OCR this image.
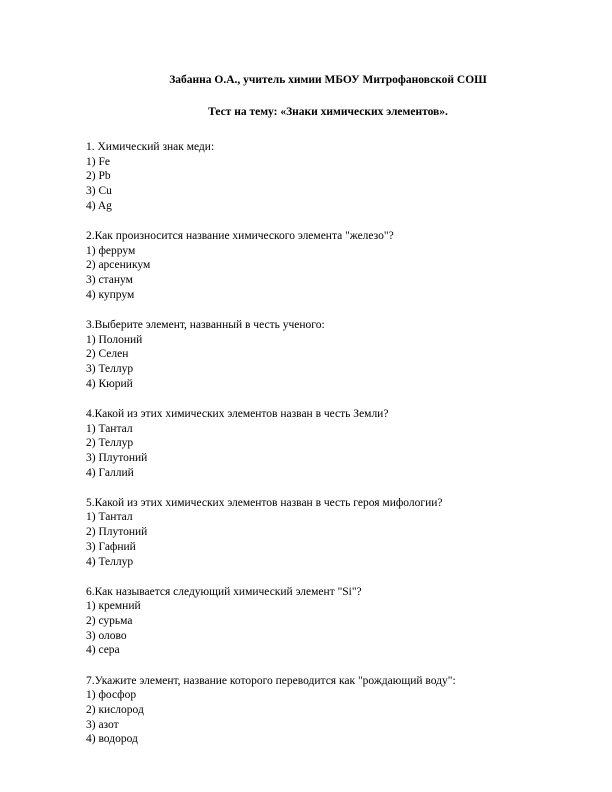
Забанна О.А., учитель химии МБОУ Митрофановской СОШ
Тест на тему: «Знаки химических элементов».
1. Химический знак меди:
1) Fe
2) Pb
3) Cu
4) Ag
2.Как произносится название химического элемента "железо"?
1) феррум
2) арсеникум
3) станум
4) купрум
3.Выберите элемент, названный в честь ученого:
1) Полоний
2) Селен
3) Теллур
4) Кюрий
4.Какой из этих химических элементов назван в честь Земли?
1) Тантал
2) Теллур
3) Плутоний
4) Галлий
5.Какой из этих химических элементов назван в честь героя мифологии?
1) Тантал
2) Плутоний
3) Гафний
4) Теллур
6.Как называется следующий химический элемент "Si"?
1) кремний
2) сурьма
3) олово
4) сера
7.Укажите элемент, название которого переводится как "рождающий воду":
1) фосфор
2) кислород
3) азот
4) водород
